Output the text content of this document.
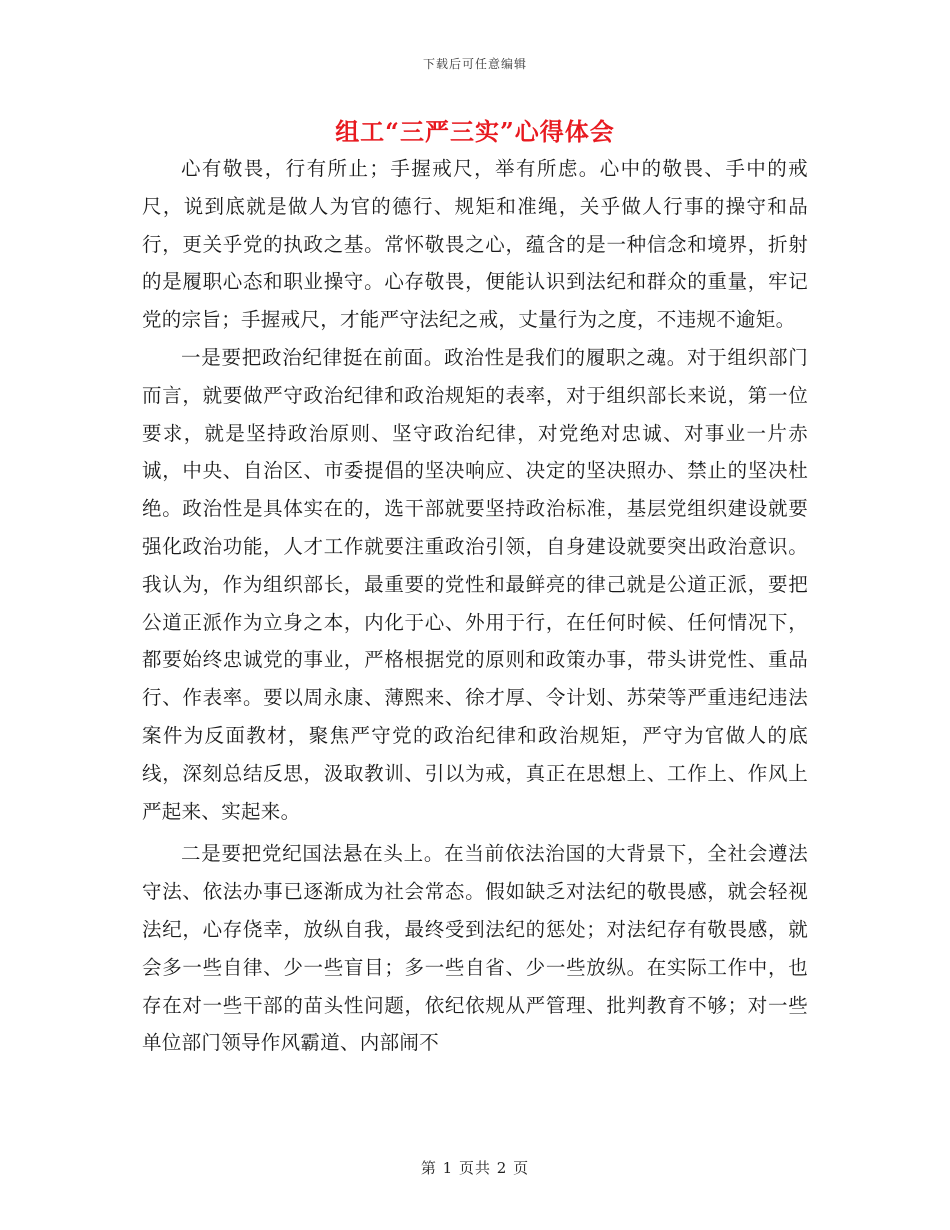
下载后可任意编辑
组工“三严三实”心得体会

心有敬畏，行有所止；手握戒尺，举有所虑。心中的敬畏、手中的戒尺，说到底就是做人为官的德行、规矩和准绳，关乎做人行事的操守和品行，更关乎党的执政之基。常怀敬畏之心，蕴含的是一种信念和境界，折射的是履职心态和职业操守。心存敬畏，便能认识到法纪和群众的重量，牢记党的宗旨；手握戒尺，才能严守法纪之戒，丈量行为之度，不违规不逾矩。

一是要把政治纪律挺在前面。政治性是我们的履职之魂。对于组织部门而言，就要做严守政治纪律和政治规矩的表率，对于组织部长来说，第一位要求，就是坚持政治原则、坚守政治纪律，对党绝对忠诚、对事业一片赤诚，中央、自治区、市委提倡的坚决响应、决定的坚决照办、禁止的坚决杜绝。政治性是具体实在的，选干部就要坚持政治标准，基层党组织建设就要强化政治功能，人才工作就要注重政治引领，自身建设就要突出政治意识。我认为，作为组织部长，最重要的党性和最鲜亮的律己就是公道正派，要把公道正派作为立身之本，内化于心、外用于行，在任何时候、任何情况下，都要始终忠诚党的事业，严格根据党的原则和政策办事，带头讲党性、重品行、作表率。要以周永康、薄熙来、徐才厚、令计划、苏荣等严重违纪违法案件为反面教材，聚焦严守党的政治纪律和政治规矩，严守为官做人的底线，深刻总结反思，汲取教训、引以为戒，真正在思想上、工作上、作风上严起来、实起来。

二是要把党纪国法悬在头上。在当前依法治国的大背景下，全社会遵法守法、依法办事已逐渐成为社会常态。假如缺乏对法纪的敬畏感，就会轻视法纪，心存侥幸，放纵自我，最终受到法纪的惩处；对法纪存有敬畏感，就会多一些自律、少一些盲目；多一些自省、少一些放纵。在实际工作中，也存在对一些干部的苗头性问题，依纪依规从严管理、批判教育不够；对一些单位部门领导作风霸道、内部闹不

第 1 页共 2 页
